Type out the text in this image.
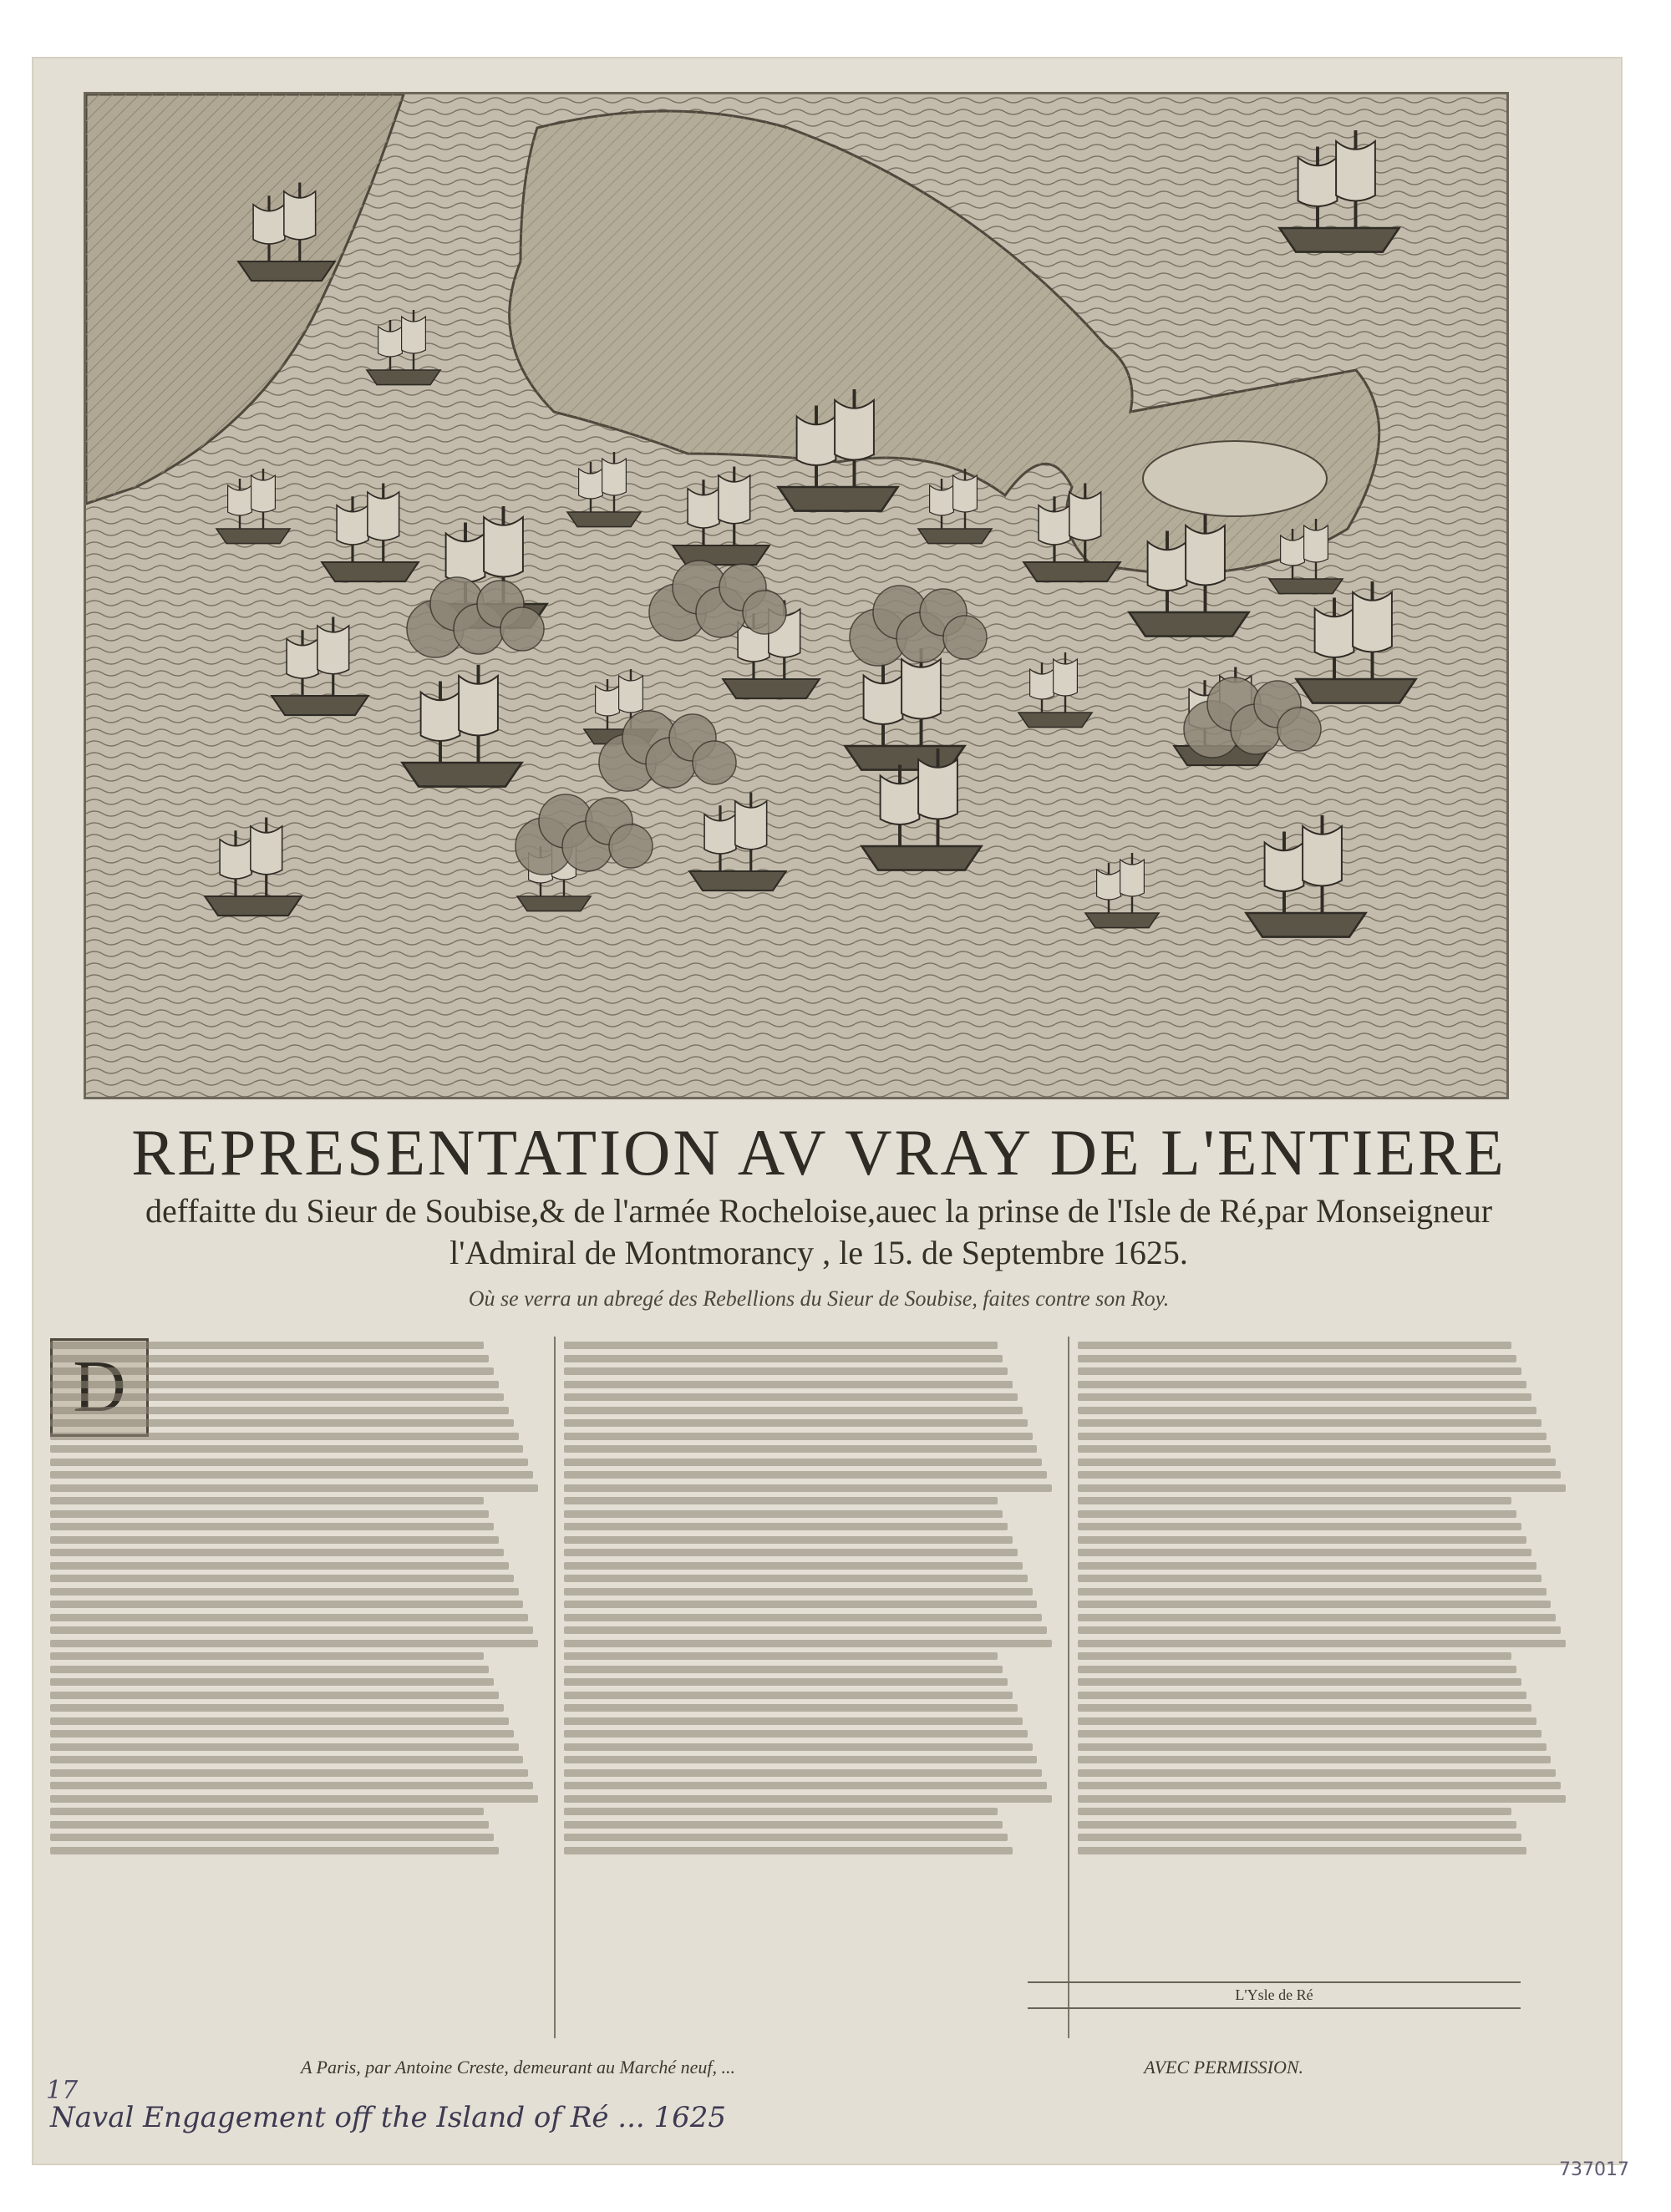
REPRESENTATION AV VRAY DE L'ENTIERE
deffaitte du Sieur de Soubise,& de l'armée Rocheloise,auec la prinse de l'Isle de Ré,par Monseigneur
l'Admiral de Montmorancy , le 15. de Septembre 1625.
Où se verra un abregé des Rebellions du Sieur de Soubise, faites contre son Roy.
L'Ysle de Ré
A Paris, par Antoine Creste, demeurant au Marché neuf, ...	AVEC PERMISSION.
17
Naval Engagement off the Island of Ré ... 1625
737017
